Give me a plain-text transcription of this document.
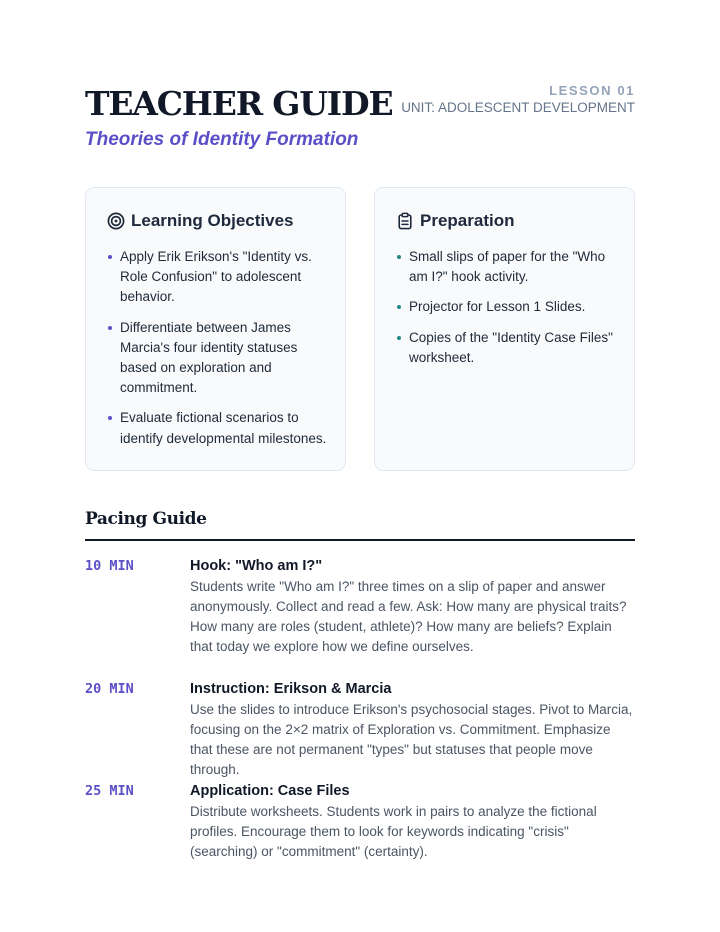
TEACHER GUIDE
Theories of Identity Formation
LESSON 01
UNIT: ADOLESCENT DEVELOPMENT
Learning Objectives
Apply Erik Erikson's "Identity vs. Role Confusion" to adolescent behavior.
Differentiate between James Marcia's four identity statuses based on exploration and commitment.
Evaluate fictional scenarios to identify developmental milestones.
Preparation
Small slips of paper for the "Who am I?" hook activity.
Projector for Lesson 1 Slides.
Copies of the "Identity Case Files" worksheet.
Pacing Guide
10 MIN	Hook: "Who am I?"
Students write "Who am I?" three times on a slip of paper and answer anonymously. Collect and read a few. Ask: How many are physical traits? How many are roles (student, athlete)? How many are beliefs? Explain that today we explore how we define ourselves.
20 MIN	Instruction: Erikson & Marcia
Use the slides to introduce Erikson's psychosocial stages. Pivot to Marcia, focusing on the 2×2 matrix of Exploration vs. Commitment. Emphasize that these are not permanent "types" but statuses that people move through.
25 MIN	Application: Case Files
Distribute worksheets. Students work in pairs to analyze the fictional profiles. Encourage them to look for keywords indicating "crisis" (searching) or "commitment" (certainty).
